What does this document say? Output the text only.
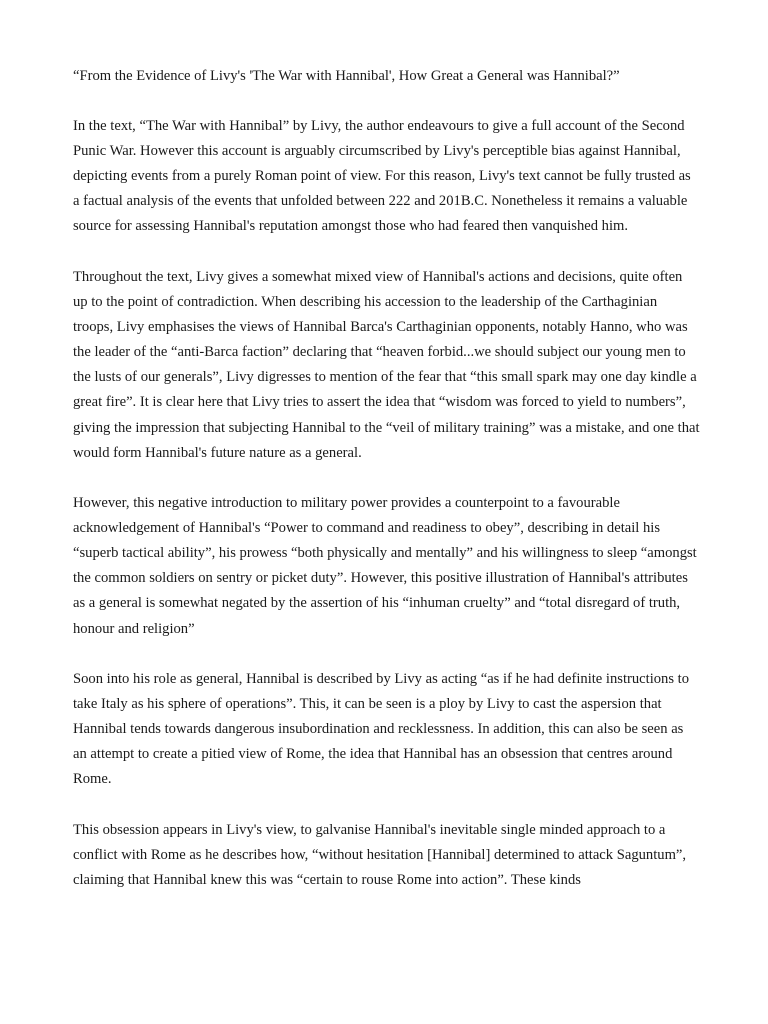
“From the Evidence of Livy's 'The War with Hannibal', How Great a General was Hannibal?”

In the text, “The War with Hannibal” by Livy, the author endeavours to give a full account of the Second Punic War. However this account is arguably circumscribed by Livy's perceptible bias against Hannibal, depicting events from a purely Roman point of view. For this reason, Livy's text cannot be fully trusted as a factual analysis of the events that unfolded between 222 and 201B.C. Nonetheless it remains a valuable source for assessing Hannibal's reputation amongst those who had feared then vanquished him.

Throughout the text, Livy gives a somewhat mixed view of Hannibal's actions and decisions, quite often up to the point of contradiction. When describing his accession to the leadership of the Carthaginian troops, Livy emphasises the views of Hannibal Barca's Carthaginian opponents, notably Hanno, who was the leader of the “anti-Barca faction” declaring that “heaven forbid...we should subject our young men to the lusts of our generals”, Livy digresses to mention of the fear that “this small spark may one day kindle a great fire”. It is clear here that Livy tries to assert the idea that “wisdom was forced to yield to numbers”, giving the impression that subjecting Hannibal to the “veil of military training” was a mistake, and one that would form Hannibal's future nature as a general.

However, this negative introduction to military power provides a counterpoint to a favourable acknowledgement of Hannibal's “Power to command and readiness to obey”, describing in detail his “superb tactical ability”, his prowess “both physically and mentally” and his willingness to sleep “amongst the common soldiers on sentry or picket duty”. However, this positive illustration of Hannibal's attributes as a general is somewhat negated by the assertion of his “inhuman cruelty” and “total disregard of truth, honour and religion”

Soon into his role as general, Hannibal is described by Livy as acting “as if he had definite instructions to take Italy as his sphere of operations”. This, it can be seen is a ploy by Livy to cast the aspersion that Hannibal tends towards dangerous insubordination and recklessness. In addition, this can also be seen as an attempt to create a pitied view of Rome, the idea that Hannibal has an obsession that centres around Rome.

This obsession appears in Livy's view, to galvanise Hannibal's inevitable single minded approach to a conflict with Rome as he describes how, “without hesitation [Hannibal] determined to attack Saguntum”, claiming that Hannibal knew this was “certain to rouse Rome into action”. These kinds
